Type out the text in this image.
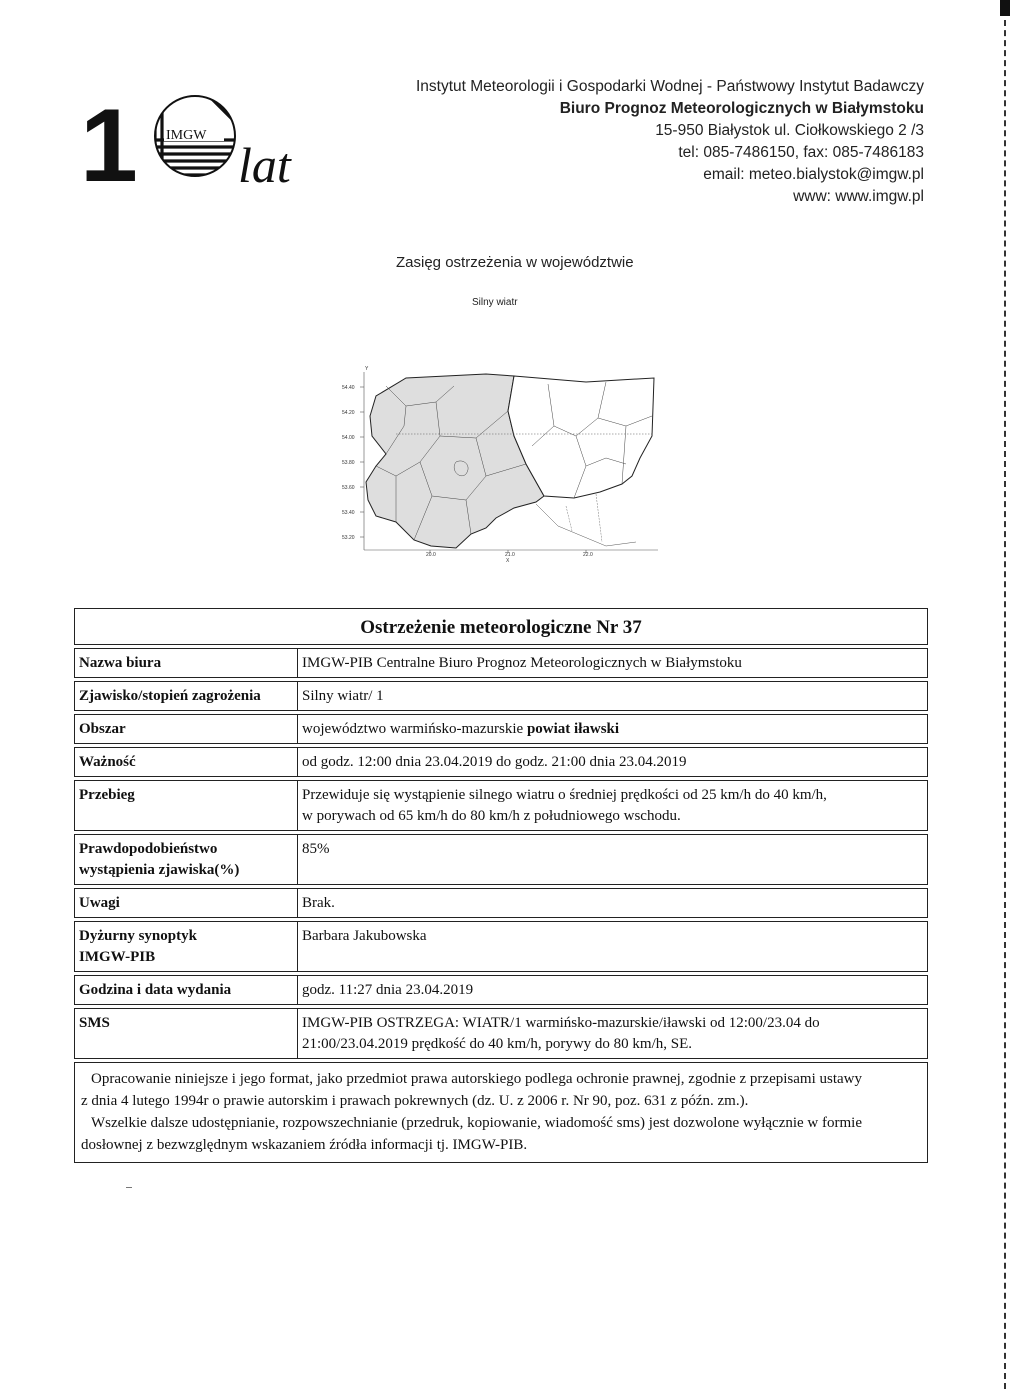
1 IMGW
lat
Instytut Meteorologii i Gospodarki Wodnej - Państwowy Instytut Badawczy
Biuro Prognoz Meteorologicznych w Białymstoku
15-950 Białystok ul. Ciołkowskiego 2 /3
tel: 085-7486150, fax: 085-7486183
email: meteo.bialystok@imgw.pl
www: www.imgw.pl
Zasięg ostrzeżenia w województwie
Silny wiatr
Y
54.40
54.20
54.00
53.80
53.60
53.40
53.20
20.0	21.0	22.0
X
Ostrzeżenie meteorologiczne Nr 37	

Nazwa biura	IMGW-PIB Centralne Biuro Prognoz Meteorologicznych w Białymstoku

Zjawisko/stopień zagrożenia	Silny wiatr/ 1

Obszar	województwo warmińsko-mazurskie powiat iławski

Ważność	od godz. 12:00 dnia 23.04.2019 do godz. 21:00 dnia 23.04.2019

Przebieg	Przewiduje się wystąpienie silnego wiatru o średniej prędkości od 25 km/h do 40 km/h,
w porywach od 65 km/h do 80 km/h z południowego wschodu.

Prawdopodobieństwo
wystąpienia zjawiska(%)	85%

Uwagi	Brak.

Dyżurny synoptyk
IMGW-PIB	Barbara Jakubowska

Godzina i data wydania	godz. 11:27 dnia 23.04.2019

SMS	IMGW-PIB OSTRZEGA: WIATR/1 warmińsko-mazurskie/iławski od 12:00/23.04 do
21:00/23.04.2019 prędkość do 40 km/h, porywy do 80 km/h, SE.

Opracowanie niniejsze i jego format, jako przedmiot prawa autorskiego podlega ochronie prawnej, zgodnie z przepisami ustawy
z dnia 4 lutego 1994r o prawie autorskim i prawach pokrewnych (dz. U. z 2006 r. Nr 90, poz. 631 z późn. zm.).
Wszelkie dalsze udostępnianie, rozpowszechnianie (przedruk, kopiowanie, wiadomość sms) jest dozwolone wyłącznie w formie
dosłownej z bezwzględnym wskazaniem źródła informacji tj. IMGW-PIB.	
